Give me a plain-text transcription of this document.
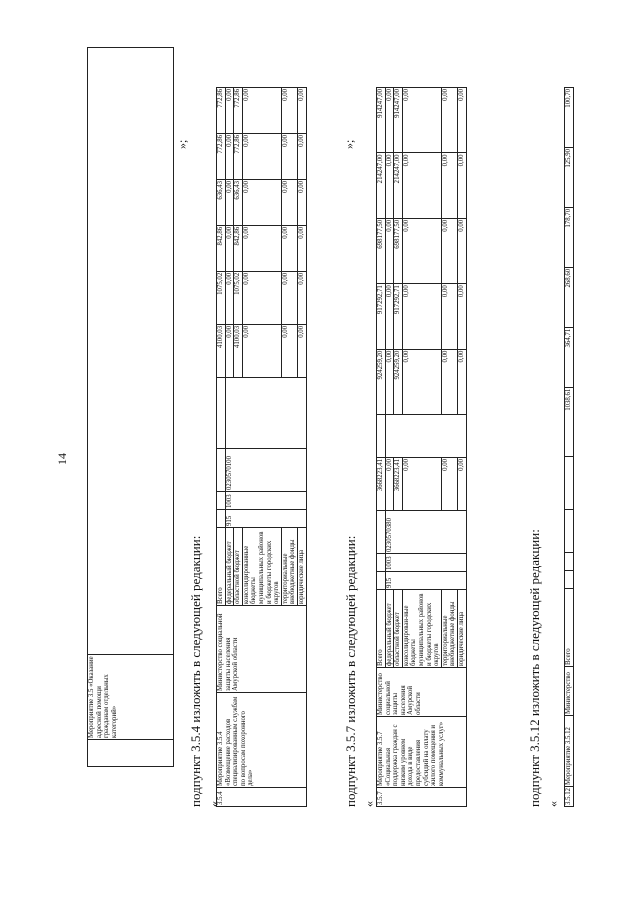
14
	Мероприятие 3.5 «Оказание адресной помощи гражданам отдельных категорий»		подпункт 3.5.4 изложить в следующей редакции: «
»;
3.5.4	Мероприятие 3.5.4 «Возмещение расходов специализированным службам по вопросам похоронного дела»	Министерство социальной защиты населения Амурской области	Всего					4100,03	1075,02	842,86	636,43	772,86	772,86
			федеральный бюджет	915	1003	0230570100		0,00	0,00	0,00	0,00	0,00	0,00
			областной бюджет					4100,03	1075,02	842,86	636,43	772,86	772,86
			консолидированные бюджеты муниципальных районов и бюджеты городских округов					0,00	0,00	0,00	0,00	0,00	0,00
			территориальные внебюджетные фонды					0,00	0,00	0,00	0,00	0,00	0,00
			юридические лица					0,00	0,00	0,00	0,00	0,00	0,00
подпункт 3.5.7 изложить в следующей редакции: «
»;
3.5.7	Мероприятие 3.5.7 «Социальная поддержка граждан с низким уровнем дохода в виде предоставления субсидий на оплату жилого помещения и коммунальных услуг»	Министерство социальной защиты населения Амурской области	Всего				3668223,41		924259,20	917292,71	698177,50	214247,00	914247,00
			федеральный бюджет	915	1003	0230570380	0,00		0,00	0,00	0,00	0,00	0,00
			областной бюджет				3668223,41		924259,20	917292,71	698177,50	214247,00	914247,00
			консолидирован-ные бюджеты муниципальных районов и бюджеты городских округов				0,00		0,00	0,00	0,00	0,00	0,00
			территориальные внебюджетные фонды				0,00		0,00	0,00	0,00	0,00	0,00
			юридические лица				0,00		0,00	0,00	0,00	0,00	0,00
подпункт 3.5.12 изложить в следующей редакции: « 3.5.12	Мероприятие 3.5.12	Министерство	Всего					1038,61	364,71	268,60	178,70	125,90	100,70
